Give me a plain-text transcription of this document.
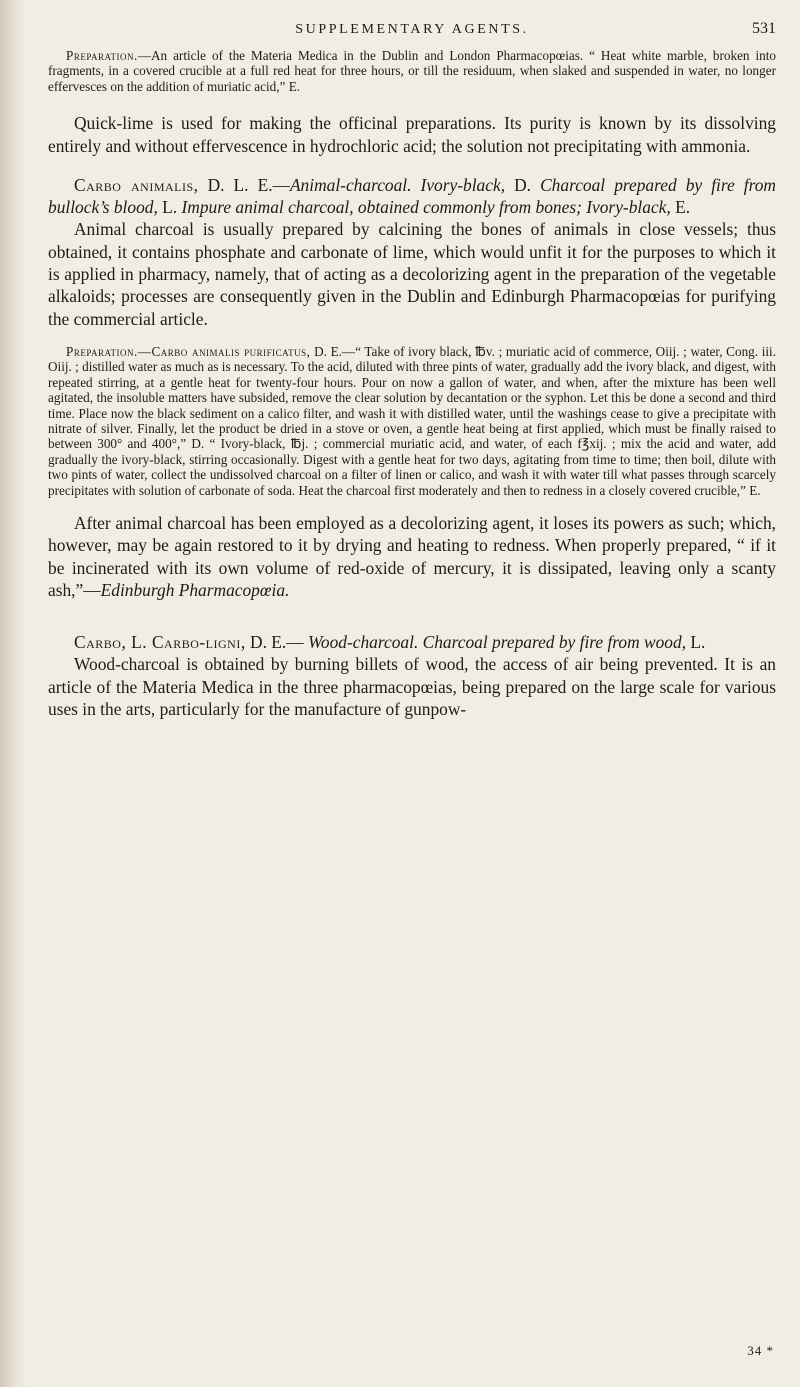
SUPPLEMENTARY AGENTS.	531

Preparation.—An article of the Materia Medica in the Dublin and London Pharmacopœias. “ Heat white marble, broken into fragments, in a covered crucible at a full red heat for three hours, or till the residuum, when slaked and suspended in water, no longer effervesces on the addition of muriatic acid,” E.

Quick-lime is used for making the officinal preparations. Its purity is known by its dissolving entirely and without effervescence in hydrochloric acid; the solution not precipitating with ammonia.

Carbo animalis, D. L. E.—Animal-charcoal. Ivory-black, D. Charcoal prepared by fire from bullock’s blood, L. Impure animal charcoal, obtained commonly from bones; Ivory-black, E.

Animal charcoal is usually prepared by calcining the bones of animals in close vessels; thus obtained, it contains phosphate and carbonate of lime, which would unfit it for the purposes to which it is applied in pharmacy, namely, that of acting as a decolorizing agent in the preparation of the vegetable alkaloids; processes are consequently given in the Dublin and Edinburgh Pharmacopœias for purifying the commercial article.

Preparation.—Carbo animalis purificatus, D. E.—“ Take of ivory black, ℔v. ; muriatic acid of commerce, Oiij. ; water, Cong. iii. Oiij. ; distilled water as much as is necessary. To the acid, diluted with three pints of water, gradually add the ivory black, and digest, with repeated stirring, at a gentle heat for twenty-four hours. Pour on now a gallon of water, and when, after the mixture has been well agitated, the insoluble matters have subsided, remove the clear solution by decantation or the syphon. Let this be done a second and third time. Place now the black sediment on a calico filter, and wash it with distilled water, until the washings cease to give a precipitate with nitrate of silver. Finally, let the product be dried in a stove or oven, a gentle heat being at first applied, which must be finally raised to between 300° and 400°,” D. “ Ivory-black, ℔j. ; commercial muriatic acid, and water, of each f℥xij. ; mix the acid and water, add gradually the ivory-black, stirring occasionally. Digest with a gentle heat for two days, agitating from time to time; then boil, dilute with two pints of water, collect the undissolved charcoal on a filter of linen or calico, and wash it with water till what passes through scarcely precipitates with solution of carbonate of soda. Heat the charcoal first moderately and then to redness in a closely covered crucible,” E.

After animal charcoal has been employed as a decolorizing agent, it loses its powers as such; which, however, may be again restored to it by drying and heating to redness. When properly prepared, “ if it be incinerated with its own volume of red-oxide of mercury, it is dissipated, leaving only a scanty ash,”—Edinburgh Pharmacopœia.

Carbo, L. Carbo-ligni, D. E.— Wood-charcoal. Charcoal prepared by fire from wood, L.

Wood-charcoal is obtained by burning billets of wood, the access of air being prevented. It is an article of the Materia Medica in the three pharmacopœias, being prepared on the large scale for various uses in the arts, particularly for the manufacture of gunpow-

34 *
